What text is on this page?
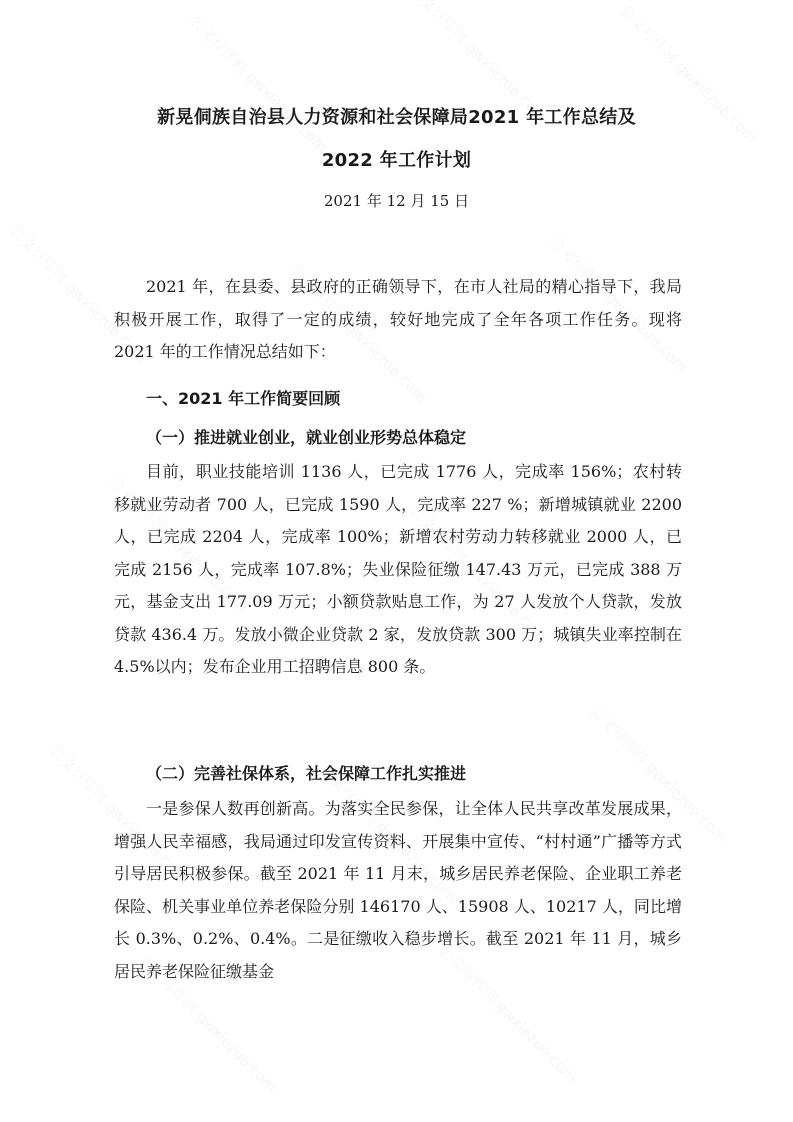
新晃侗族自治县人力资源和社会保障局2021 年工作总结及
2022 年工作计划
2021 年 12 月 15 日

2021 年，在县委、县政府的正确领导下，在市人社局的精心指导下，我局积极开展工作，取得了一定的成绩，较好地完成了全年各项工作任务。现将 2021 年的工作情况总结如下：

一、2021 年工作简要回顾
（一）推进就业创业，就业创业形势总体稳定

目前，职业技能培训 1136 人，已完成 1776 人，完成率 156%；农村转移就业劳动者 700 人，已完成 1590 人，完成率 227 %；新增城镇就业 2200 人，已完成 2204 人，完成率 100%；新增农村劳动力转移就业 2000 人，已完成 2156 人，完成率 107.8%；失业保险征缴 147.43 万元，已完成 388 万元，基金支出 177.09 万元；小额贷款贴息工作，为 27 人发放个人贷款，发放贷款 436.4 万。发放小微企业贷款 2 家，发放贷款 300 万；城镇失业率控制在 4.5%以内；发布企业用工招聘信息 800 条。

（二）完善社保体系，社会保障工作扎实推进

一是参保人数再创新高。为落实全民参保，让全体人民共享改革发展成果，增强人民幸福感，我局通过印发宣传资料、开展集中宣传、“村村通”广播等方式引导居民积极参保。截至 2021 年 11 月末，城乡居民养老保险、企业职工养老保险、机关事业单位养老保险分别 146170 人、15908 人、10217 人，同比增长 0.3%、0.2%、0.4%。二是征缴收入稳步增长。截至 2021 年 11 月，城乡居民养老保险征缴基金
